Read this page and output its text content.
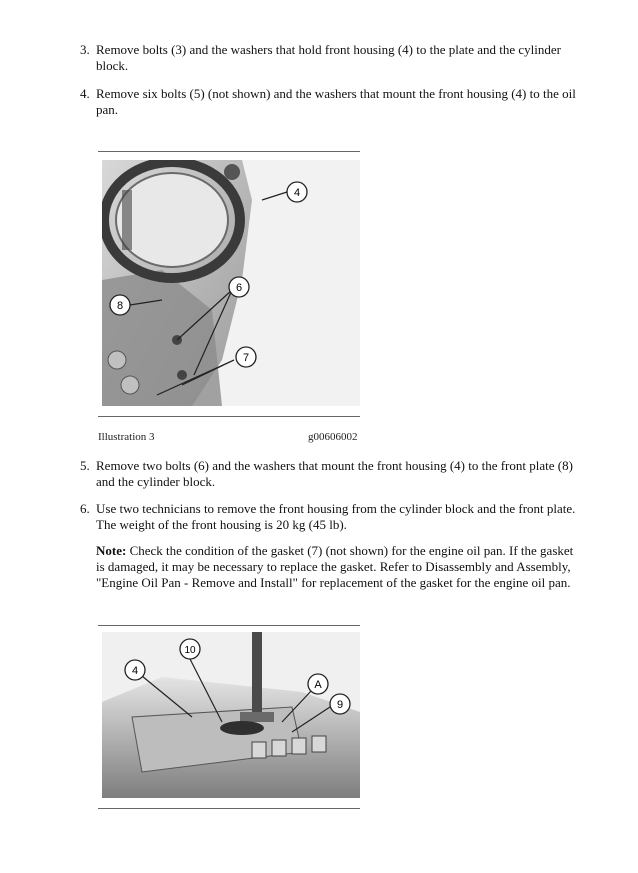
3. Remove bolts (3) and the washers that hold front housing (4) to the plate and the cylinder block.
4. Remove six bolts (5) (not shown) and the washers that mount the front housing (4) to the oil pan.
4
6
8
7
Illustration 3	g00606002
5. Remove two bolts (6) and the washers that mount the front housing (4) to the front plate (8) and the cylinder block.
6. Use two technicians to remove the front housing from the cylinder block and the front plate. The weight of the front housing is 20 kg (45 lb).
Note: Check the condition of the gasket (7) (not shown) for the engine oil pan. If the gasket is damaged, it may be necessary to replace the gasket. Refer to Disassembly and Assembly, "Engine Oil Pan - Remove and Install" for replacement of the gasket for the engine oil pan.
10
4
A
9
